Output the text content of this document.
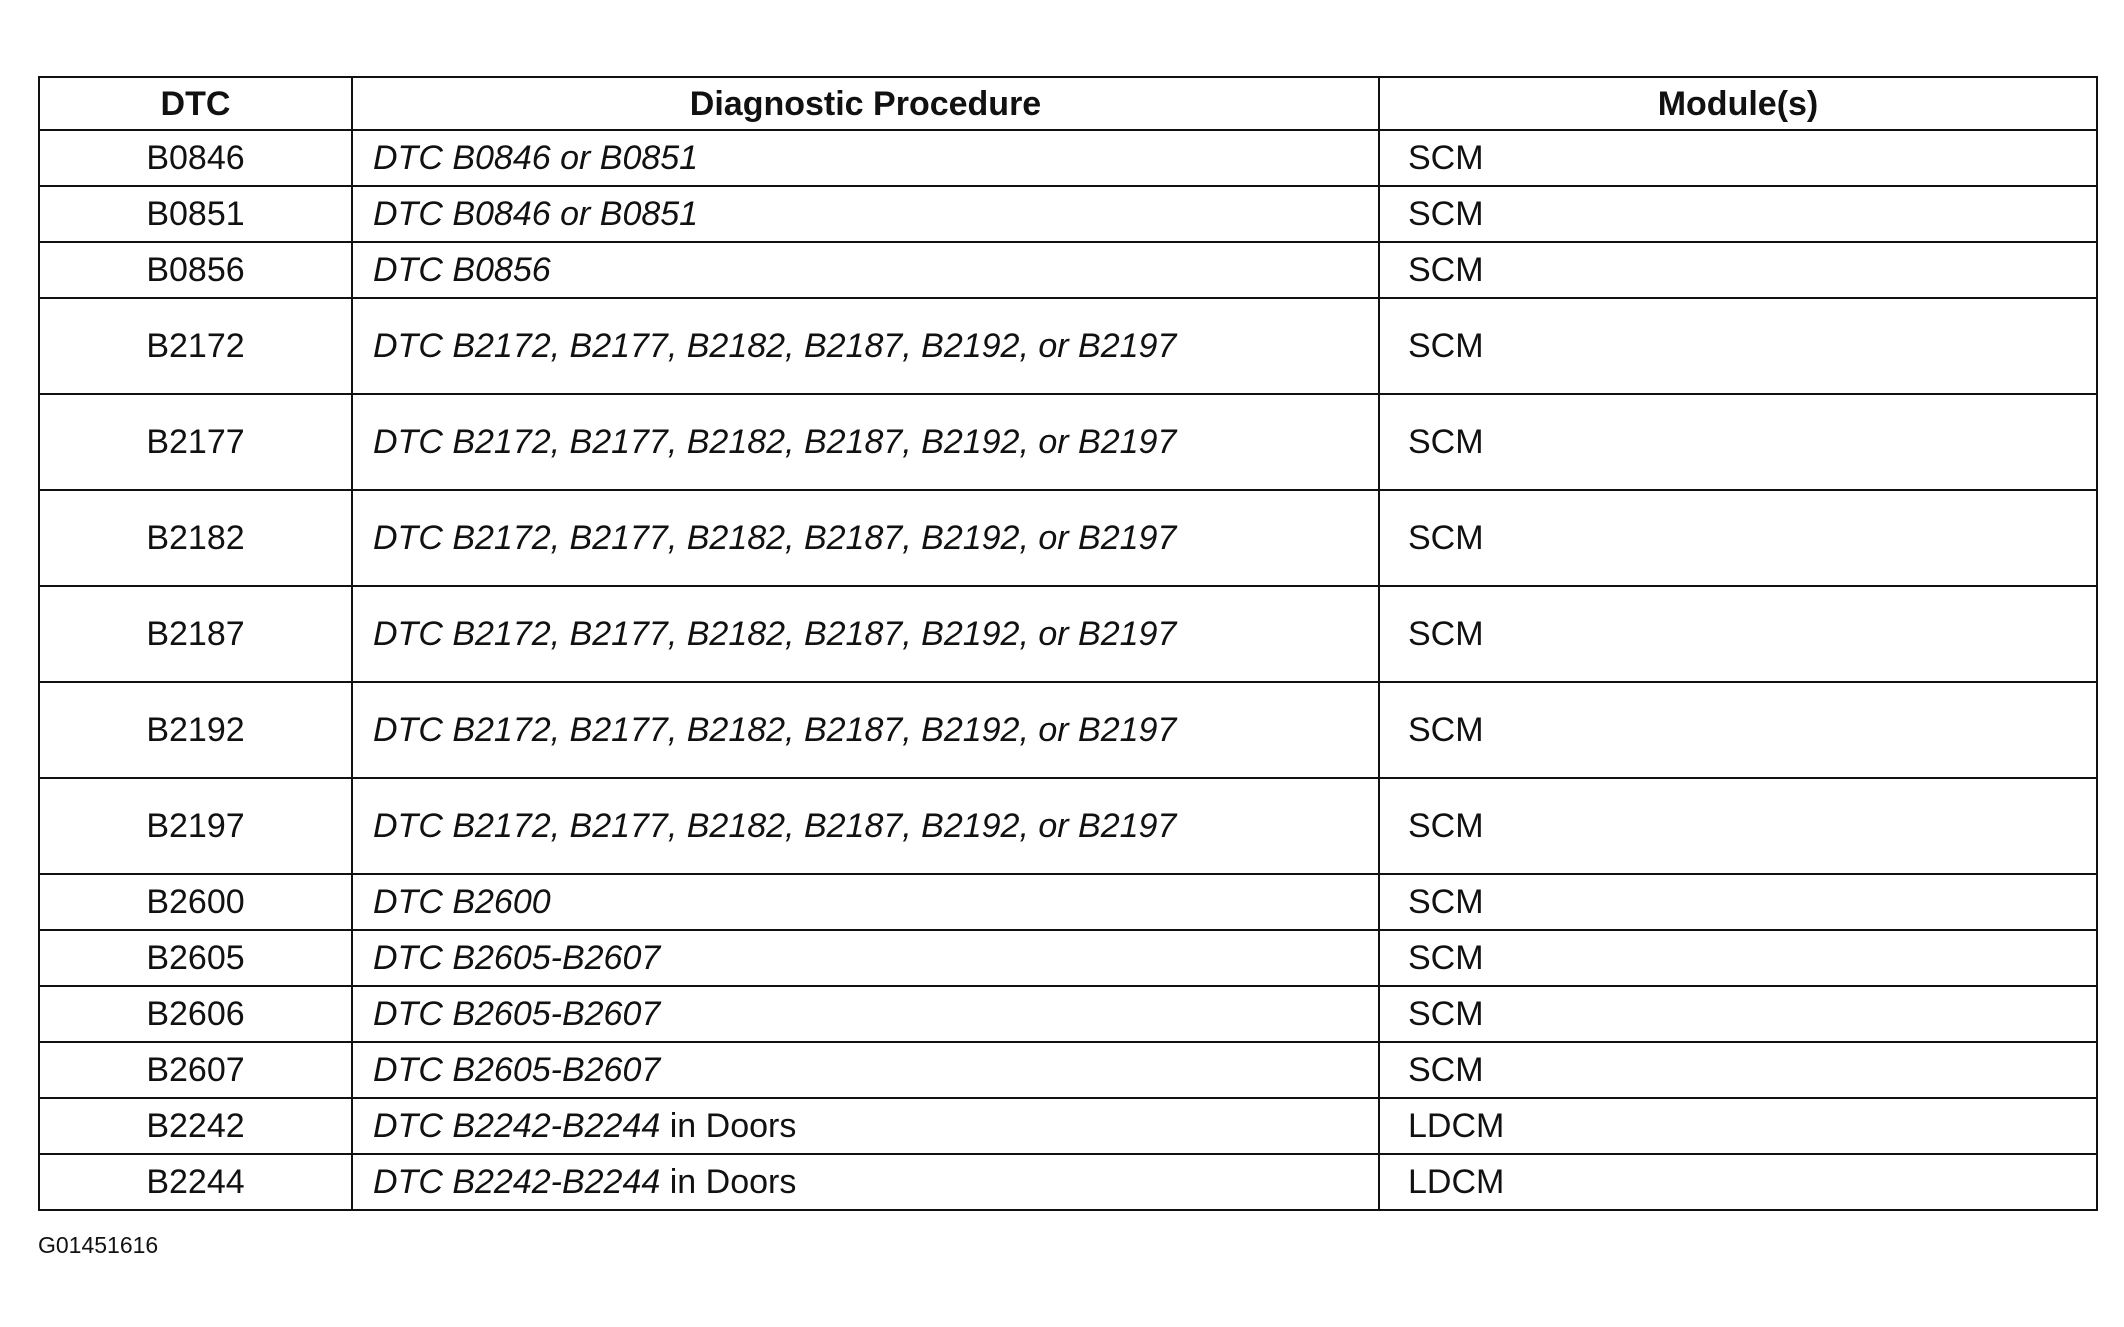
DTC	Diagnostic Procedure	Module(s)
B0846	DTC B0846 or B0851	SCM
B0851	DTC B0846 or B0851	SCM
B0856	DTC B0856	SCM
B2172	DTC B2172, B2177, B2182, B2187, B2192, or B2197	SCM
B2177	DTC B2172, B2177, B2182, B2187, B2192, or B2197	SCM
B2182	DTC B2172, B2177, B2182, B2187, B2192, or B2197	SCM
B2187	DTC B2172, B2177, B2182, B2187, B2192, or B2197	SCM
B2192	DTC B2172, B2177, B2182, B2187, B2192, or B2197	SCM
B2197	DTC B2172, B2177, B2182, B2187, B2192, or B2197	SCM
B2600	DTC B2600	SCM
B2605	DTC B2605-B2607	SCM
B2606	DTC B2605-B2607	SCM
B2607	DTC B2605-B2607	SCM
B2242	DTC B2242-B2244 in Doors	LDCM
B2244	DTC B2242-B2244 in Doors	LDCM
G01451616
